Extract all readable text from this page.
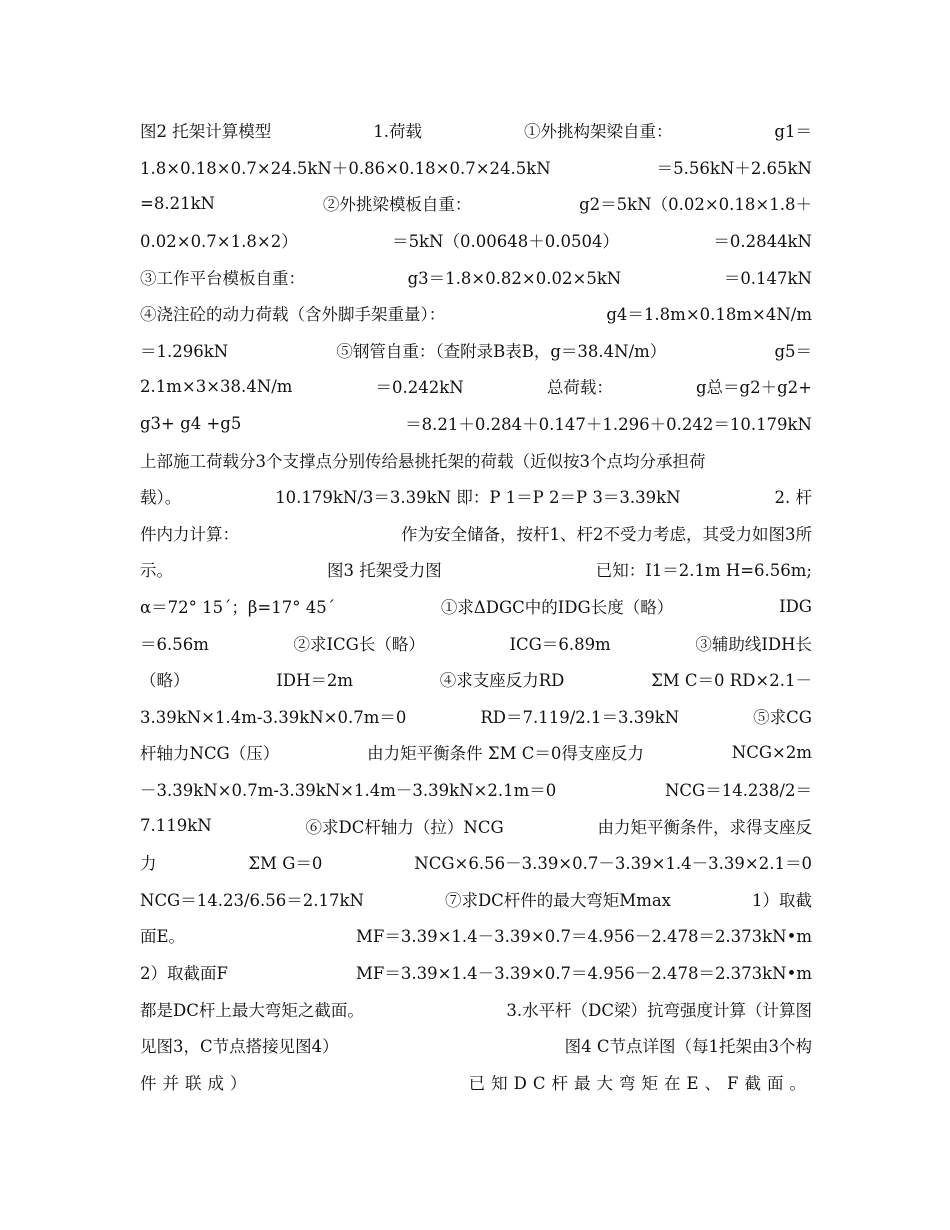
图2 托架计算模型	1.荷载	①外挑构架梁自重：	g1＝
1.8×0.18×0.7×24.5kN＋0.86×0.18×0.7×24.5kN	＝5.56kN＋2.65kN
=8.21kN	②外挑梁模板自重：	g2＝5kN（0.02×0.18×1.8＋
0.02×0.7×1.8×2）	＝5kN（0.00648＋0.0504）	＝0.2844kN
③工作平台模板自重：	g3＝1.8×0.82×0.02×5kN	＝0.147kN
④浇注砼的动力荷载（含外脚手架重量）：	g4＝1.8m×0.18m×4N/m
＝1.296kN	⑤钢管自重：（查附录B表B，g＝38.4N/m）	g5＝
2.1m×3×38.4N/m	＝0.242kN	总荷载：	g总＝g2＋g2+
g3+ g4 +g5	＝8.21＋0.284＋0.147＋1.296＋0.242＝10.179kN
上部施工荷载分3个支撑点分别传给悬挑托架的荷载（近似按3个点均分承担荷
载）。	10.179kN/3＝3.39kN 即：P 1＝P 2＝P 3＝3.39kN	2. 杆
件内力计算：	作为安全储备，按杆1、杆2不受力考虑，其受力如图3所
示。	图3 托架受力图	已知：I1＝2.1m H=6.56m;
α＝72° 15´；β=17° 45´	①求ΔDGC中的IDG长度（略）	IDG
＝6.56m	②求ICG长（略）	ICG＝6.89m	③辅助线IDH长
（略）	IDH＝2m	④求支座反力RD	ΣM C＝0 RD×2.1－
3.39kN×1.4m-3.39kN×0.7m＝0	RD＝7.119/2.1＝3.39kN	⑤求CG
杆轴力NCG（压）	由力矩平衡条件 ΣM C＝0得支座反力	NCG×2m
－3.39kN×0.7m-3.39kN×1.4m－3.39kN×2.1m＝0	NCG＝14.238/2＝
7.119kN	⑥求DC杆轴力（拉）NCG	由力矩平衡条件，求得支座反
力	ΣM G＝0	NCG×6.56－3.39×0.7－3.39×1.4－3.39×2.1＝0
NCG＝14.23/6.56＝2.17kN	⑦求DC杆件的最大弯矩Mmax	1）取截
面E。	MF＝3.39×1.4－3.39×0.7＝4.956－2.478＝2.373kN•m
2）取截面F	MF＝3.39×1.4－3.39×0.7＝4.956－2.478＝2.373kN•m
都是DC杆上最大弯矩之截面。	3.水平杆（DC梁）抗弯强度计算（计算图
见图3，C节点搭接见图4）	图4 C节点详图（每1托架由3个构
件并联成）	已知DC杆最大弯矩在E、F截面。
